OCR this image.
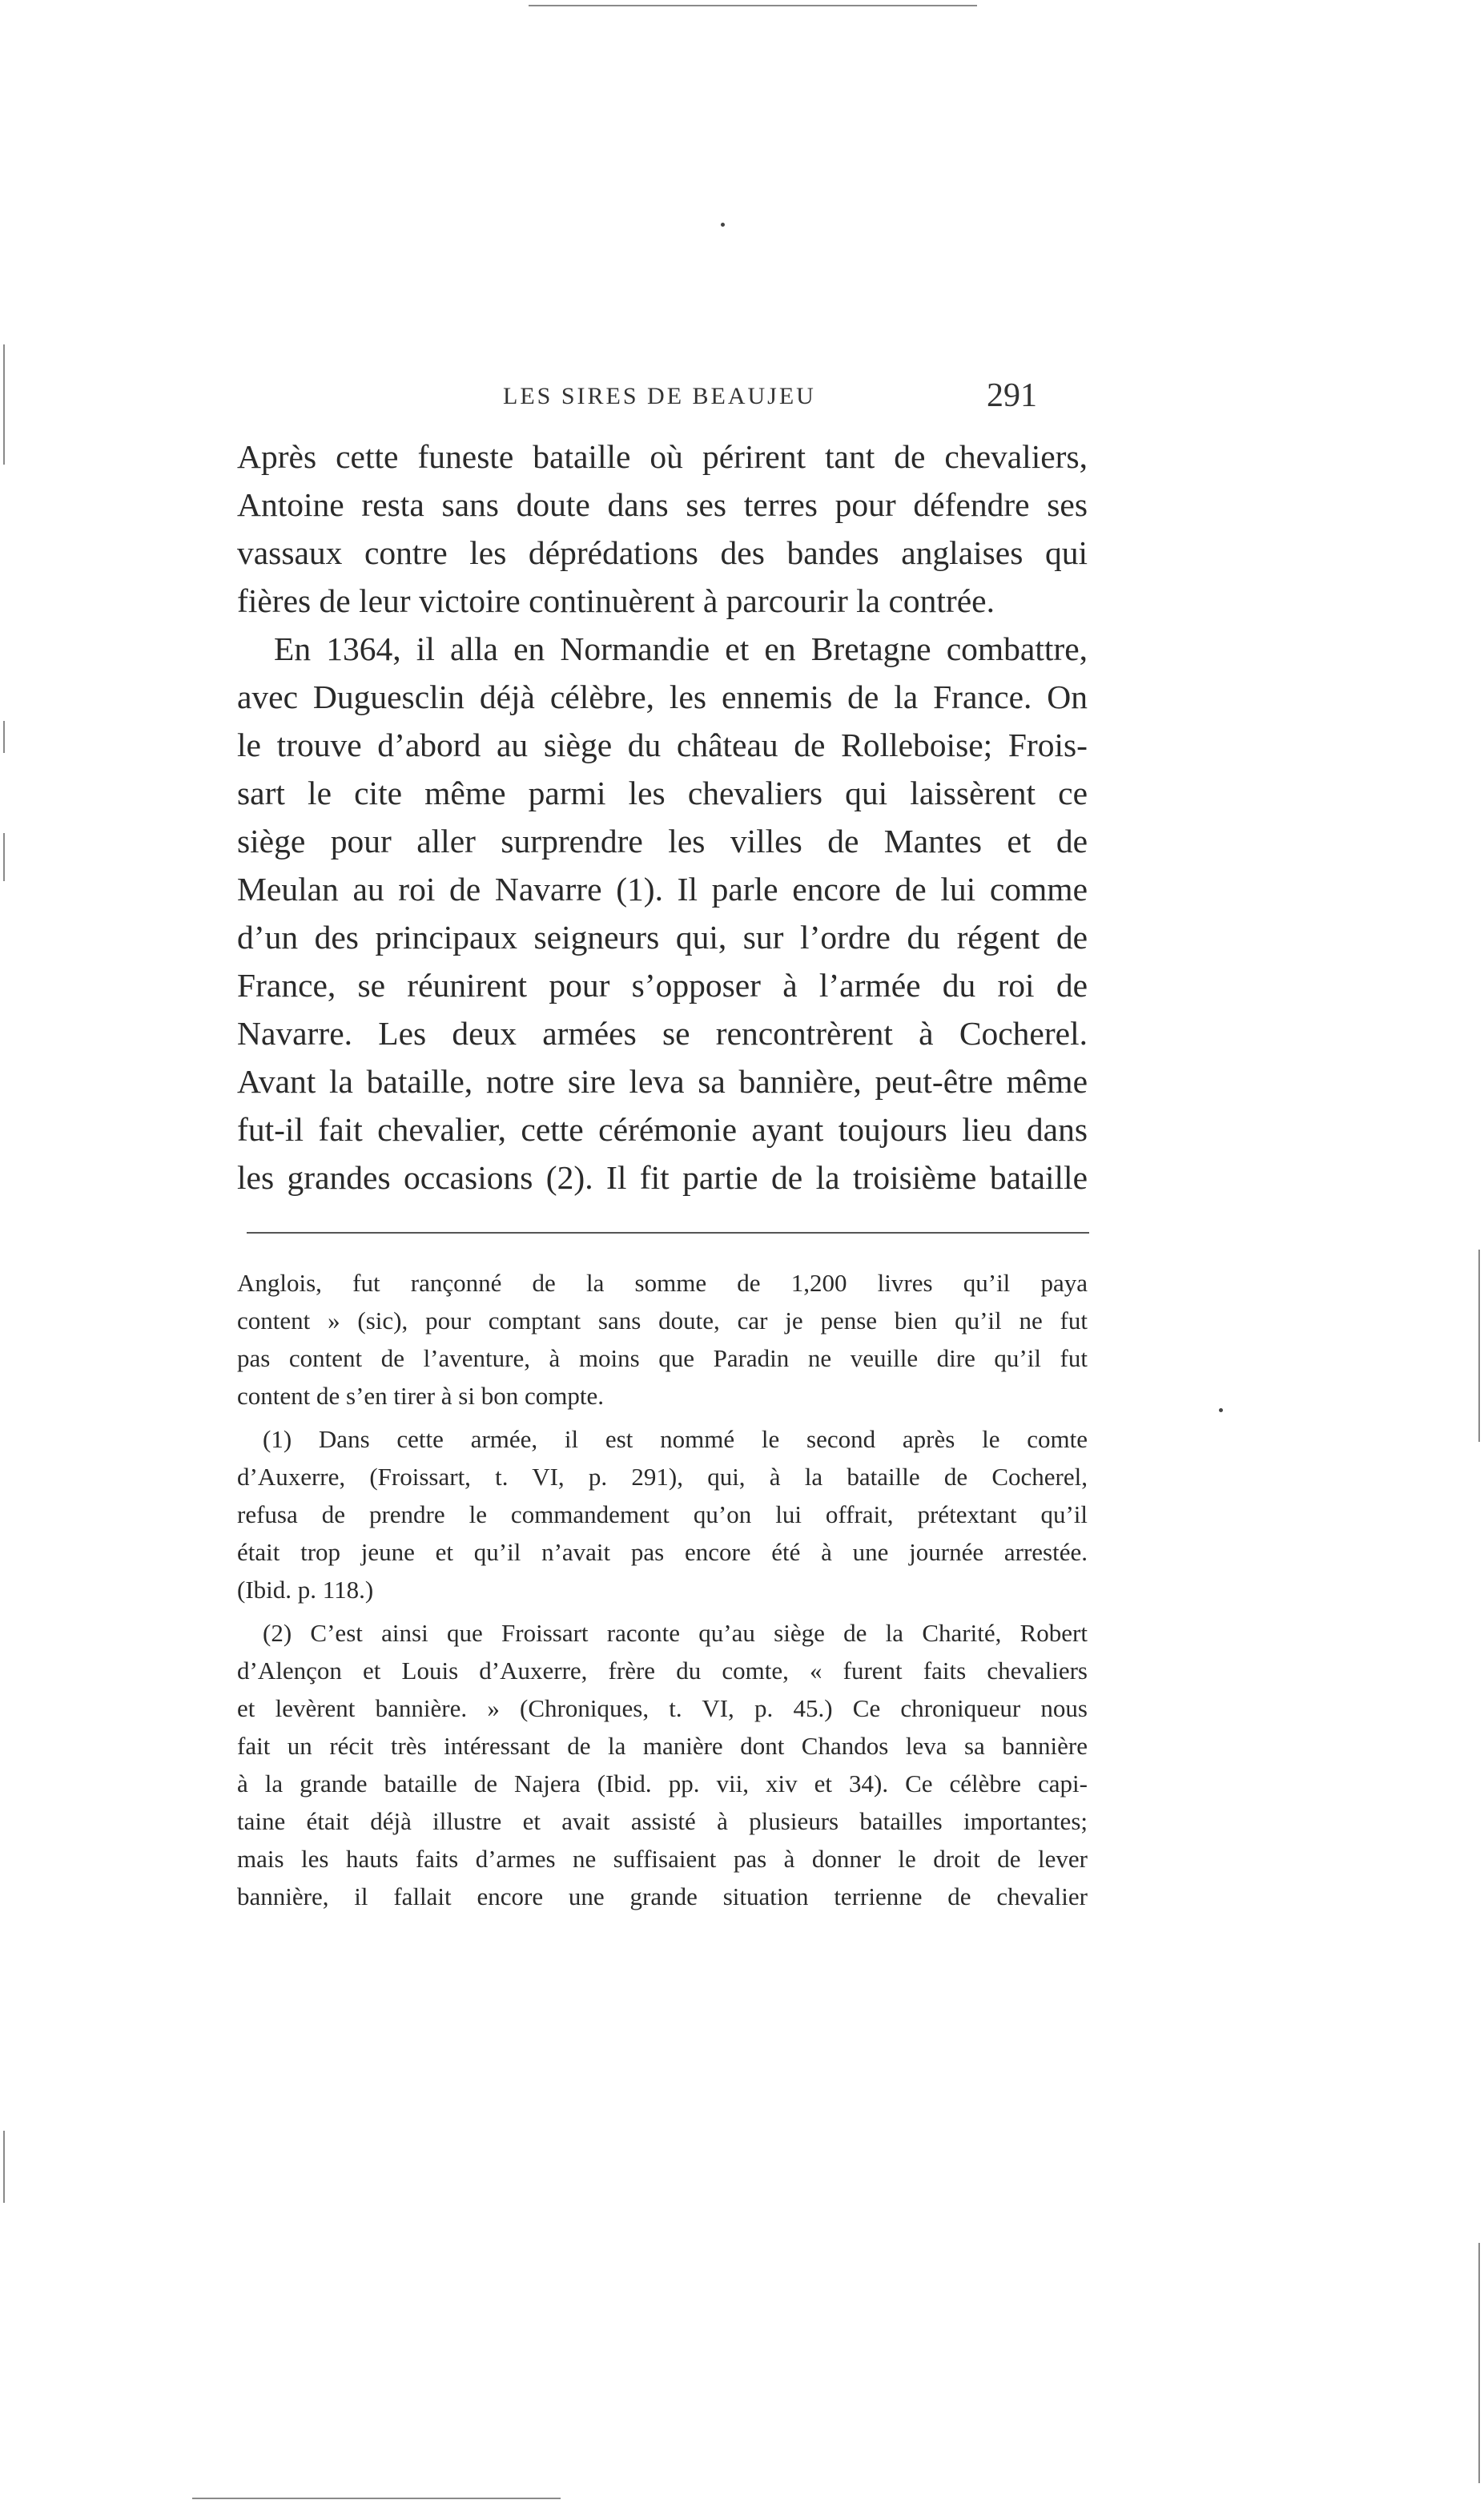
LES SIRES DE BEAUJEU	291
Après cette funeste bataille où périrent tant de chevaliers,
Antoine resta sans doute dans ses terres pour défendre ses
vassaux contre les déprédations des bandes anglaises qui
fières de leur victoire continuèrent à parcourir la contrée.
En 1364, il alla en Normandie et en Bretagne combattre,
avec Duguesclin déjà célèbre, les ennemis de la France. On
le trouve d’abord au siège du château de Rolleboise; Frois-
sart le cite même parmi les chevaliers qui laissèrent ce
siège pour aller surprendre les villes de Mantes et de
Meulan au roi de Navarre (1). Il parle encore de lui comme
d’un des principaux seigneurs qui, sur l’ordre du régent de
France, se réunirent pour s’opposer à l’armée du roi de
Navarre. Les deux armées se rencontrèrent à Cocherel.
Avant la bataille, notre sire leva sa bannière, peut-être même
fut-il fait chevalier, cette cérémonie ayant toujours lieu dans
les grandes occasions (2). Il fit partie de la troisième bataille
Anglois, fut rançonné de la somme de 1,200 livres qu’il paya
content » (sic), pour comptant sans doute, car je pense bien qu’il ne fut
pas content de l’aventure, à moins que Paradin ne veuille dire qu’il fut
content de s’en tirer à si bon compte.
(1) Dans cette armée, il est nommé le second après le comte
d’Auxerre, (Froissart, t. VI, p. 291), qui, à la bataille de Cocherel,
refusa de prendre le commandement qu’on lui offrait, prétextant qu’il
était trop jeune et qu’il n’avait pas encore été à une journée arrestée.
(Ibid. p. 118.)
(2) C’est ainsi que Froissart raconte qu’au siège de la Charité, Robert
d’Alençon et Louis d’Auxerre, frère du comte, « furent faits chevaliers
et levèrent bannière. » (Chroniques, t. VI, p. 45.) Ce chroniqueur nous
fait un récit très intéressant de la manière dont Chandos leva sa bannière
à la grande bataille de Najera (Ibid. pp. vii, xiv et 34). Ce célèbre capi-
taine était déjà illustre et avait assisté à plusieurs batailles importantes;
mais les hauts faits d’armes ne suffisaient pas à donner le droit de lever
bannière, il fallait encore une grande situation terrienne de chevalier
